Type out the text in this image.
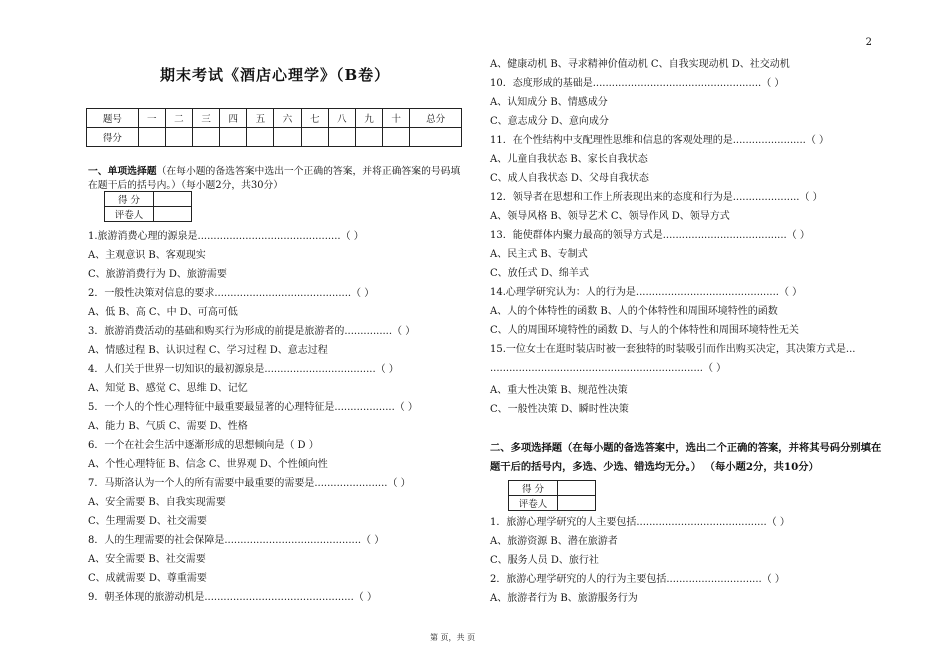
2
期末考试《酒店心理学》（B卷）
题号	一	二	三	四	五	六	七	八	九	十	总分
得分											
一、单项选择题（在每小题的备选答案中选出一个正确的答案，并将正确答案的号码填在题干后的括号内。）（每小题2分，共30分）
得 分	
评卷人	
1.旅游消费心理的源泉是.............................................（ ）
A、主观意识 B、客观现实
C、旅游消费行为 D、旅游需要
2．一般性决策对信息的要求...........................................（ ）
A、低 B、高 C、中 D、可高可低
3．旅游消费活动的基础和购买行为形成的前提是旅游者的...............（ ）
A、情感过程 B、认识过程 C、学习过程 D、意志过程
4．人们关于世界一切知识的最初源泉是...................................（ ）
A、知觉 B、感觉 C、思维 D、记忆
5．一个人的个性心理特征中最重要最显著的心理特征是...................（ ）
A、能力 B、气质 C、需要 D、性格
6．一个在社会生活中逐渐形成的思想倾向是（ D ）
A、个性心理特征 B、信念 C、世界观 D、个性倾向性
7．马斯洛认为一个人的所有需要中最重要的需要是.......................（ ）
A、安全需要 B、自我实现需要
C、生理需要 D、社交需要
8．人的生理需要的社会保障是...........................................（ ）
A、安全需要 B、社交需要
C、成就需要 D、尊重需要
9．朝圣体现的旅游动机是...............................................（ ）
A、健康动机 B、寻求精神价值动机 C、自我实现动机 D、社交动机
10．态度形成的基础是.....................................................（ ）
A、认知成分 B、情感成分
C、意志成分 D、意向成分
11．在个性结构中支配理性思维和信息的客观处理的是.......................（ ）
A、儿童自我状态 B、家长自我状态
C、成人自我状态 D、父母自我状态
12．领导者在思想和工作上所表现出来的态度和行为是.....................（ ）
A、领导风格 B、领导艺术 C、领导作风 D、领导方式
13．能使群体内聚力最高的领导方式是.......................................（ ）
A、民主式 B、专制式
C、放任式 D、绵羊式
14.心理学研究认为：人的行为是.............................................（ ）
A、人的个体特性的函数 B、人的个体特性和周围环境特性的函数
C、人的周围环境特性的函数 D、与人的个体特性和周围环境特性无关
15.一位女士在逛时装店时被一套独特的时装吸引而作出购买决定，其决策方式是...
...................................................................（ ）
A、重大性决策 B、规范性决策
C、一般性决策 D、瞬时性决策
二、多项选择题（在每小题的备选答案中，选出二个正确的答案，并将其号码分别填在题干后的括号内，多选、少选、错选均无分。） （每小题2分，共10分）
得 分	
评卷人	
1．旅游心理学研究的人主要包括.........................................（ ）
A、旅游资源 B、潜在旅游者
C、服务人员 D、旅行社
2．旅游心理学研究的人的行为主要包括..............................（ ）
A、旅游者行为 B、旅游服务行为
第 页，共 页
